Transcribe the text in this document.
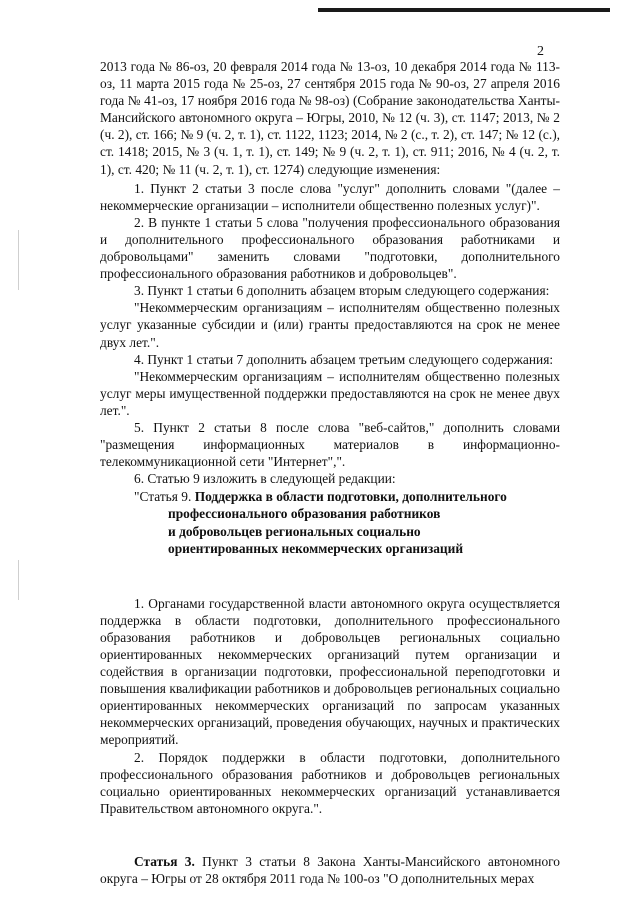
2

2013 года № 86-оз, 20 февраля 2014 года № 13-оз, 10 декабря 2014 года № 113-оз, 11 марта 2015 года № 25-оз, 27 сентября 2015 года № 90-оз, 27 апреля 2016 года № 41-оз, 17 ноября 2016 года № 98-оз) (Собрание законодательства Ханты-Мансийского автономного округа – Югры, 2010, № 12 (ч. 3), ст. 1147; 2013, № 2 (ч. 2), ст. 166; № 9 (ч. 2, т. 1), ст. 1122, 1123; 2014, № 2 (с., т. 2), ст. 147; № 12 (с.), ст. 1418; 2015, № 3 (ч. 1, т. 1), ст. 149; № 9 (ч. 2, т. 1), ст. 911; 2016, № 4 (ч. 2, т. 1), ст. 420; № 11 (ч. 2, т. 1), ст. 1274) следующие изменения:

1. Пункт 2 статьи 3 после слова "услуг" дополнить словами "(далее – некоммерческие организации – исполнители общественно полезных услуг)".

2. В пункте 1 статьи 5 слова "получения профессионального образования и дополнительного профессионального образования работниками и добровольцами" заменить словами "подготовки, дополнительного профессионального образования работников и добровольцев".

3. Пункт 1 статьи 6 дополнить абзацем вторым следующего содержания:

"Некоммерческим организациям – исполнителям общественно полезных услуг указанные субсидии и (или) гранты предоставляются на срок не менее двух лет.".

4. Пункт 1 статьи 7 дополнить абзацем третьим следующего содержания:

"Некоммерческим организациям – исполнителям общественно полезных услуг меры имущественной поддержки предоставляются на срок не менее двух лет.".

5. Пункт 2 статьи 8 после слова "веб-сайтов," дополнить словами "размещения информационных материалов в информационно-телекоммуникационной сети "Интернет",".

6. Статью 9 изложить в следующей редакции:

"Статья 9. Поддержка в области подготовки, дополнительного
профессионального образования работников
и добровольцев региональных социально
ориентированных некоммерческих организаций

1. Органами государственной власти автономного округа осуществляется поддержка в области подготовки, дополнительного профессионального образования работников и добровольцев региональных социально ориентированных некоммерческих организаций путем организации и содействия в организации подготовки, профессиональной переподготовки и повышения квалификации работников и добровольцев региональных социально ориентированных некоммерческих организаций по запросам указанных некоммерческих организаций, проведения обучающих, научных и практических мероприятий.

2. Порядок поддержки в области подготовки, дополнительного профессионального образования работников и добровольцев региональных социально ориентированных некоммерческих организаций устанавливается Правительством автономного округа.".

Статья 3. Пункт 3 статьи 8 Закона Ханты-Мансийского автономного округа – Югры от 28 октября 2011 года № 100-оз "О дополнительных мерах
